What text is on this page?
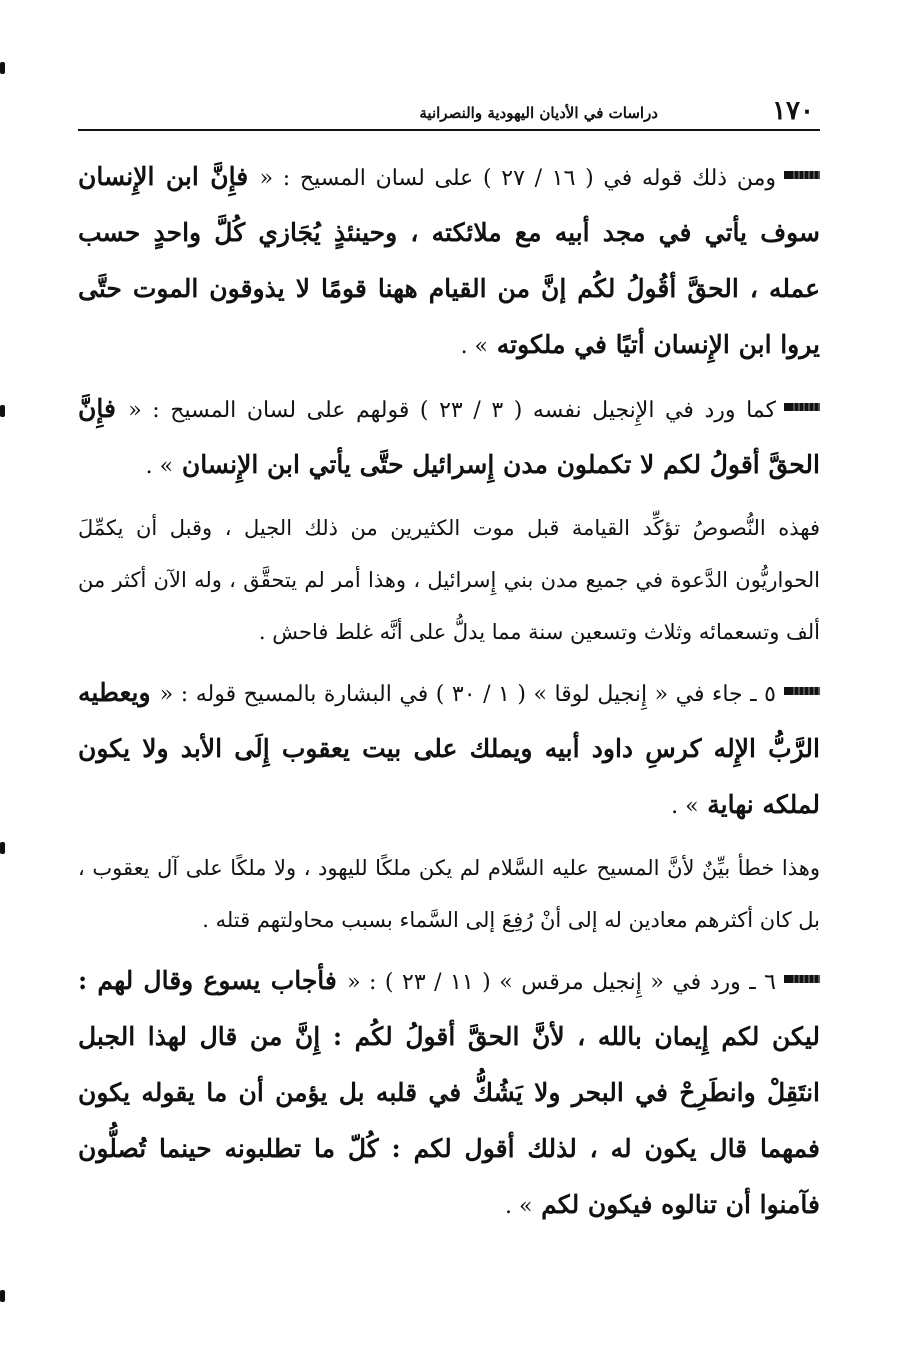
١٧٠
دراسات في الأديان اليهودية والنصرانية

ومن ذلك قوله في ( ١٦ / ٢٧ ) على لسان المسيح : « فإِنَّ ابن الإِنسان سوف يأتي في مجد أبيه مع ملائكته ، وحينئذٍ يُجَازي كُلَّ واحدٍ حسب عمله ، الحقَّ أقُولُ لكُم إنَّ من القيام ههنا قومًا لا يذوقون الموت حتَّى يروا ابن الإِنسان أتيًا في ملكوته » .

كما ورد في الإِنجيل نفسه ( ٣ / ٢٣ ) قولهم على لسان المسيح : « فإِنَّ الحقَّ أقولُ لكم لا تكملون مدن إِسرائيل حتَّى يأتي ابن الإِنسان » .

فهذه النُّصوصُ تؤكِّد القيامة قبل موت الكثيرين من ذلك الجيل ، وقبل أن يكمِّلَ الحواريُّون الدَّعوة في جميع مدن بني إِسرائيل ، وهذا أمر لم يتحقَّق ، وله الآن أكثر من ألف وتسعمائه وثلاث وتسعين سنة مما يدلُّ على أنَّه غلط فاحش .

٥ ـ جاء في « إِنجيل لوقا » ( ١ / ٣٠ ) في البشارة بالمسيح قوله : « ويعطيه الرَّبُّ الإِله كرسِ داود أبيه ويملك على بيت يعقوب إِلَى الأبد ولا يكون لملكه نهاية » .

وهذا خطأ بيِّنٌ لأنَّ المسيح عليه السَّلام لم يكن ملكًا لليهود ، ولا ملكًا على آل يعقوب ، بل كان أكثرهم معادين له إلى أنْ رُفِعَ إلى السَّماء بسبب محاولتهم قتله .

٦ ـ ورد في « إِنجيل مرقس » ( ١١ / ٢٣ ) : « فأجاب يسوع وقال لهم : ليكن لكم إِيمان بالله ، لأنَّ الحقَّ أقولُ لكُم : إِنَّ من قال لهذا الجبل انتَقِلْ وانطَرِحْ في البحر ولا يَشُكُّ في قلبه بل يؤمن أن ما يقوله يكون فمهما قال يكون له ، لذلك أقول لكم : كُلّ ما تطلبونه حينما تُصلُّون فآمنوا أن تنالوه فيكون لكم » .
